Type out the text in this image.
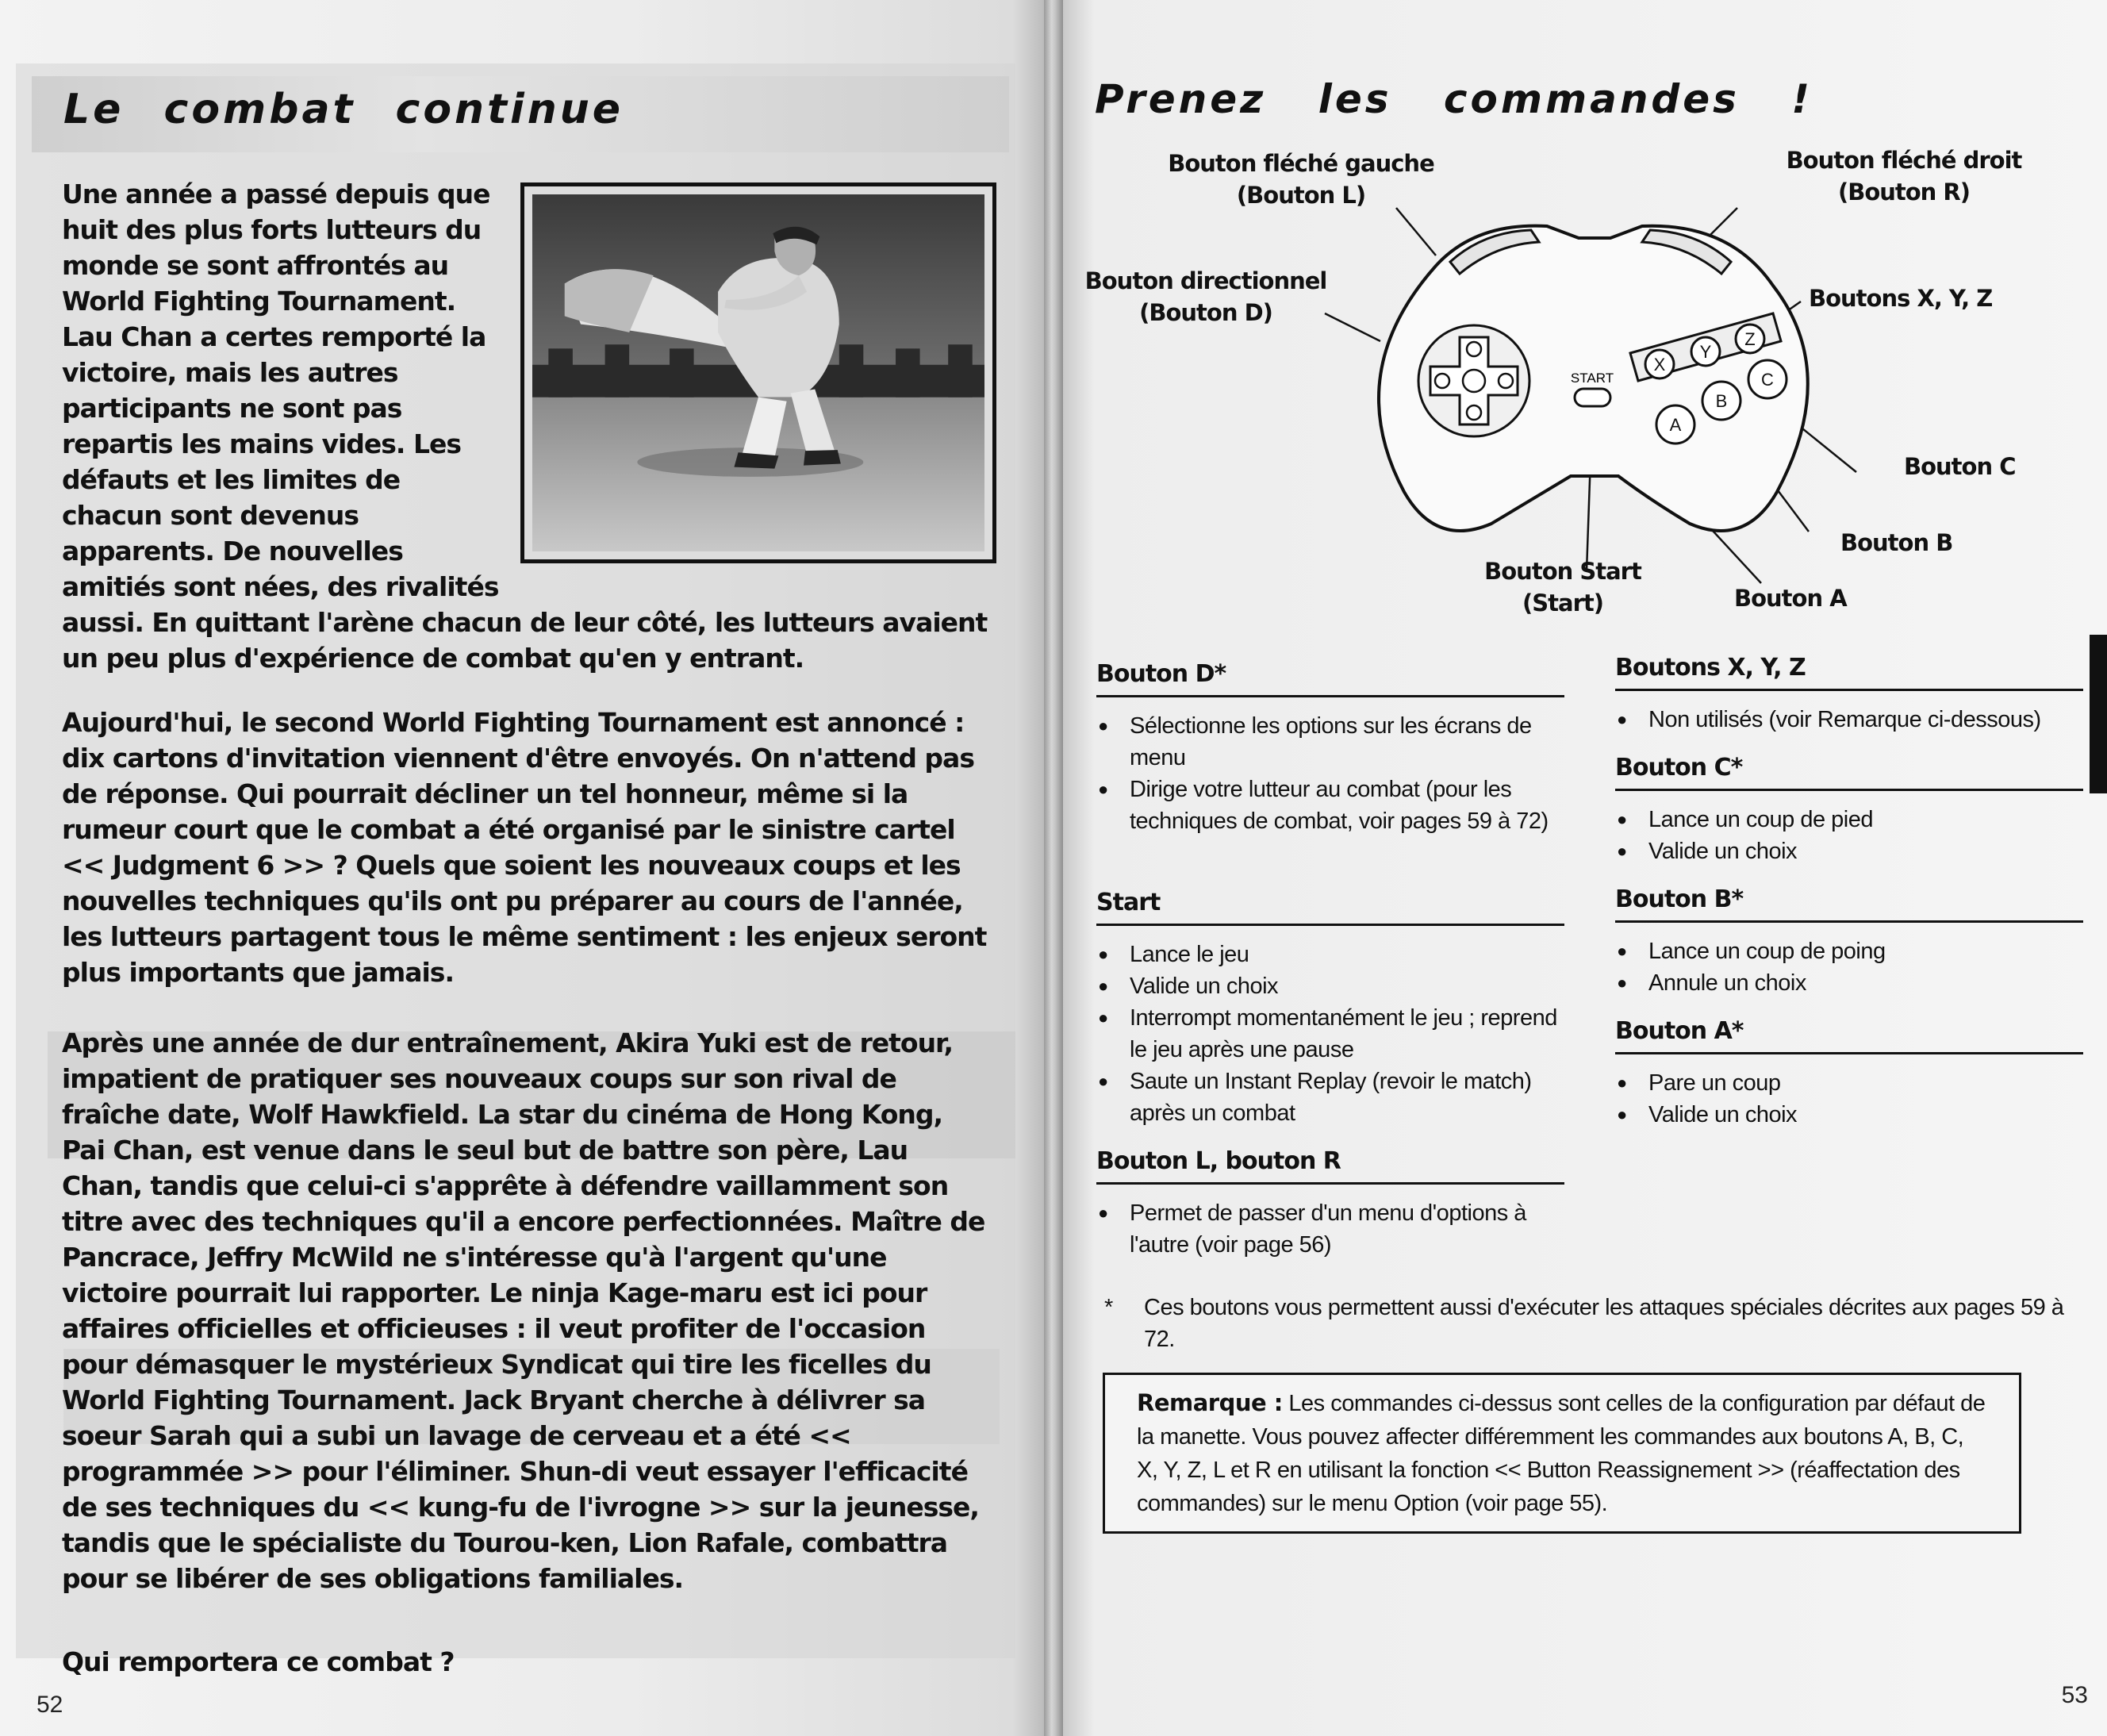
Le combat continue
Une année a passé depuis que huit des plus forts lutteurs du monde se sont affrontés au World Fighting Tournament. Lau Chan a certes remporté la victoire, mais les autres participants ne sont pas repartis les mains vides. Les défauts et les limites de chacun sont devenus apparents. De nouvelles amitiés sont nées, des rivalités aussi. En quittant l'arène chacun de leur côté, les lutteurs avaient un peu plus d'expérience de combat qu'en y entrant.
Aujourd'hui, le second World Fighting Tournament est annoncé : dix cartons d'invitation viennent d'être envoyés. On n'attend pas de réponse. Qui pourrait décliner un tel honneur, même si la rumeur court que le combat a été organisé par le sinistre cartel << Judgment 6 >> ? Quels que soient les nouveaux coups et les nouvelles techniques qu'ils ont pu préparer au cours de l'année, les lutteurs partagent tous le même sentiment : les enjeux seront plus importants que jamais.
Après une année de dur entraînement, Akira Yuki est de retour, impatient de pratiquer ses nouveaux coups sur son rival de fraîche date, Wolf Hawkfield. La star du cinéma de Hong Kong, Pai Chan, est venue dans le seul but de battre son père, Lau Chan, tandis que celui-ci s'apprête à défendre vaillamment son titre avec des techniques qu'il a encore perfectionnées. Maître de Pancrace, Jeffry McWild ne s'intéresse qu'à l'argent qu'une victoire pourrait lui rapporter. Le ninja Kage-maru est ici pour affaires officielles et officieuses : il veut profiter de l'occasion pour démasquer le mystérieux Syndicat qui tire les ficelles du World Fighting Tournament. Jack Bryant cherche à délivrer sa soeur Sarah qui a subi un lavage de cerveau et a été << programmée >> pour l'éliminer. Shun-di veut essayer l'efficacité de ses techniques du << kung-fu de l'ivrogne >> sur la jeunesse, tandis que le spécialiste du Tourou-ken, Lion Rafale, combattra pour se libérer de ses obligations familiales.
Qui remportera ce combat ?
52
Prenez les commandes !
START
X
Y
Z
A
B
C
Bouton fléché gauche
(Bouton L)
Bouton fléché droit
(Bouton R)
Bouton directionnel
(Bouton D)
Boutons X, Y, Z
Bouton C
Bouton B
Bouton A
Bouton Start
(Start)
Bouton D*
● Sélectionne les options sur les écrans de menu
● Dirige votre lutteur au combat (pour les techniques de combat, voir pages 59 à 72)
Start
● Lance le jeu
● Valide un choix
● Interrompt momentanément le jeu ; reprend le jeu après une pause
● Saute un Instant Replay (revoir le match) après un combat
Bouton L, bouton R
● Permet de passer d'un menu d'options à l'autre (voir page 56)
Boutons X, Y, Z
● Non utilisés (voir Remarque ci-dessous)
Bouton C*
● Lance un coup de pied
● Valide un choix
Bouton B*
● Lance un coup de poing
● Annule un choix
Bouton A*
● Pare un coup
● Valide un choix
* Ces boutons vous permettent aussi d'exécuter les attaques spéciales décrites aux pages 59 à 72.
Remarque : Les commandes ci-dessus sont celles de la configuration par défaut de la manette. Vous pouvez affecter différemment les commandes aux boutons A, B, C, X, Y, Z, L et R en utilisant la fonction << Button Reassignement >> (réaffectation des commandes) sur le menu Option (voir page 55).
53
